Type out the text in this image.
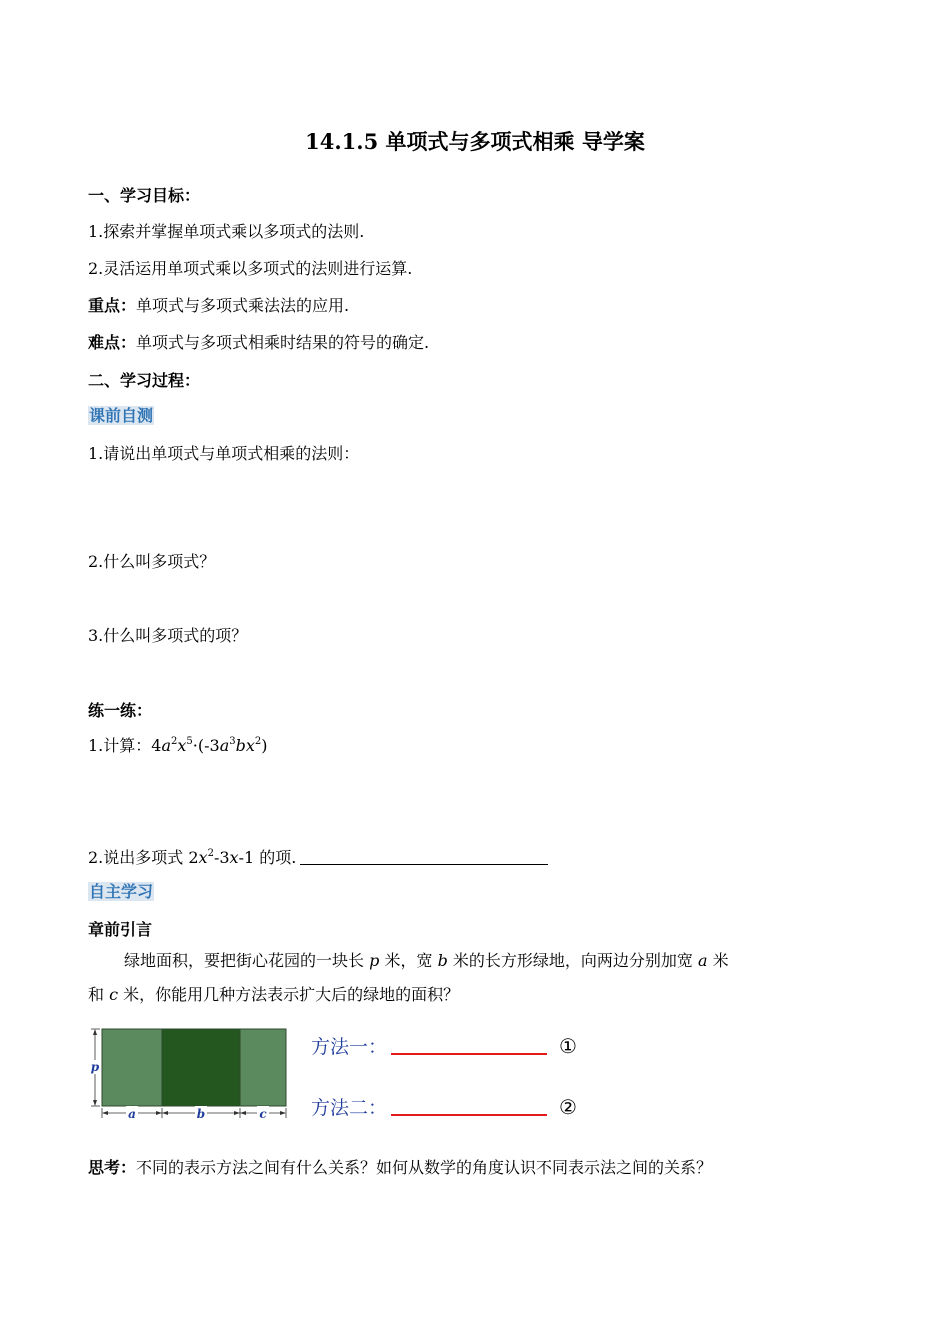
14.1.5 单项式与多项式相乘 导学案
一、学习目标：
1.探索并掌握单项式乘以多项式的法则.
2.灵活运用单项式乘以多项式的法则进行运算.
重点：单项式与多项式乘法法的应用.
难点：单项式与多项式相乘时结果的符号的确定.
二、学习过程：
课前自测
1.请说出单项式与单项式相乘的法则：
2.什么叫多项式？
3.什么叫多项式的项？
练一练：
1.计算：$4a^2x^5\cdot(-3a^3bx^2)$
2.说出多项式 $2x^2-3x-1$ 的项.
自主学习
章前引言
绿地面积，要把街心花园的一块长 p 米，宽 b 米的长方形绿地，向两边分别加宽 a 米
和 c 米，你能用几种方法表示扩大后的绿地的面积？
p
a	b	c
方法一：	①
方法二：	②
思考：不同的表示方法之间有什么关系？如何从数学的角度认识不同表示法之间的关系？
